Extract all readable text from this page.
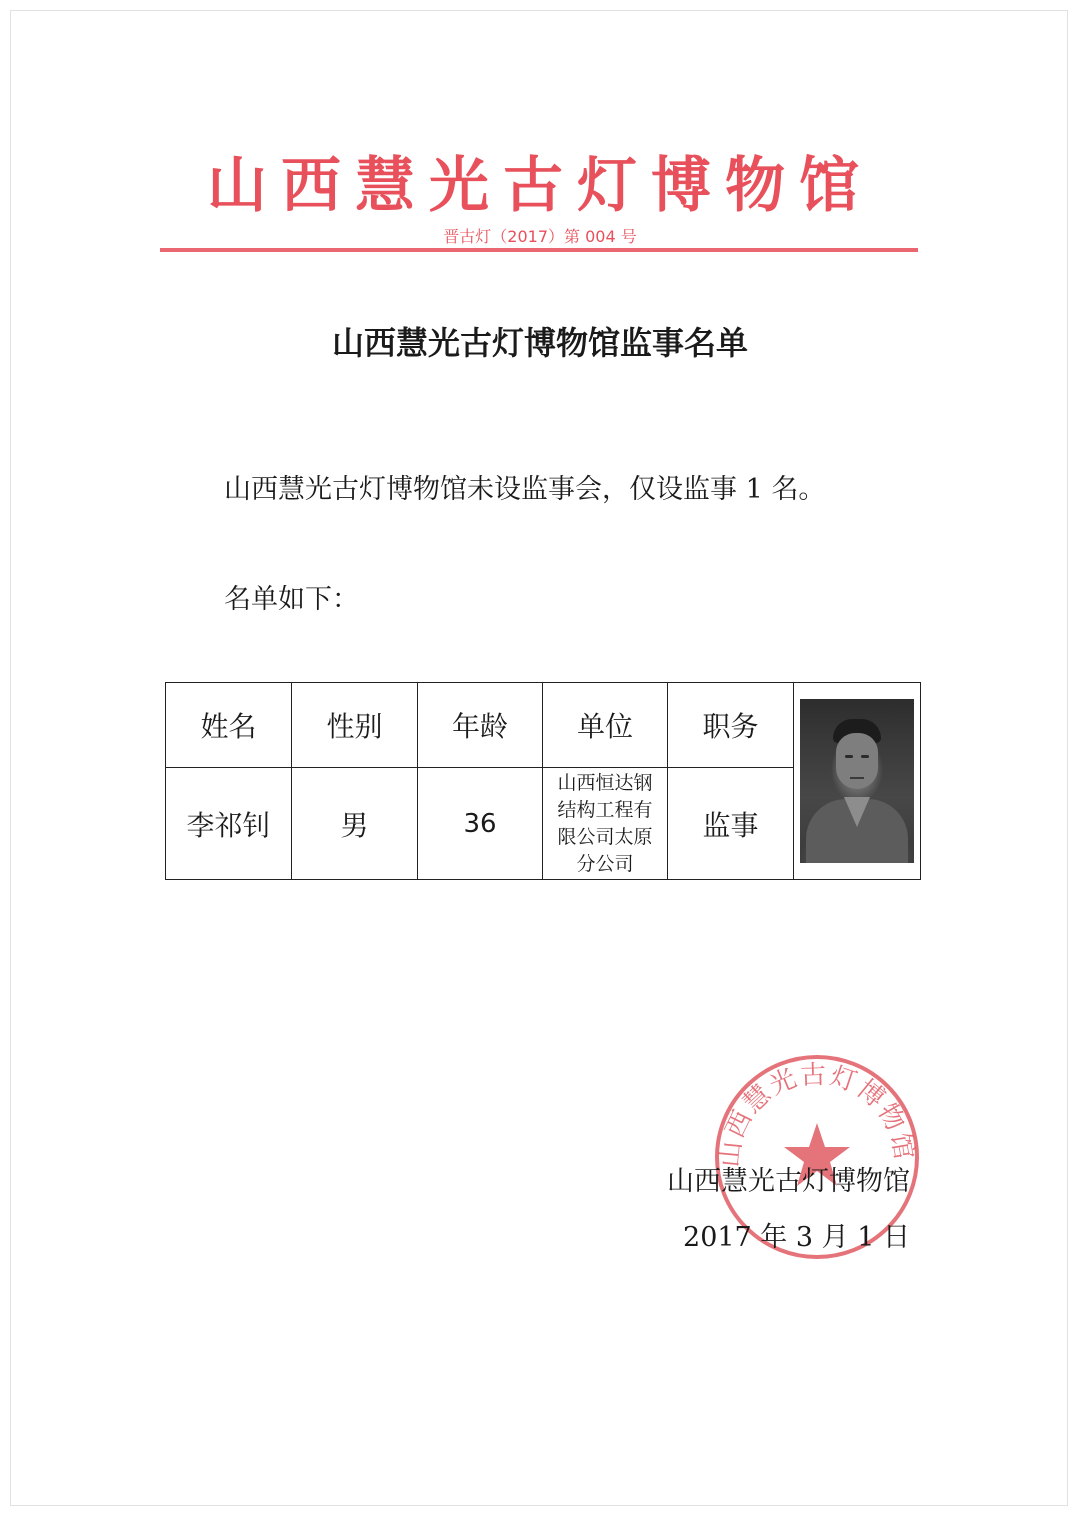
山西慧光古灯博物馆
晋古灯（2017）第 004 号
山西慧光古灯博物馆监事名单
山西慧光古灯博物馆未设监事会，仅设监事 1 名。
名单如下：
姓名	性别	年龄	单位	职务	

李祁钊	男	36	山西恒达钢结构工程有限公司太原分公司	监事	
山西慧光古灯博物馆
山西慧光古灯博物馆
2017 年 3 月 1 日
